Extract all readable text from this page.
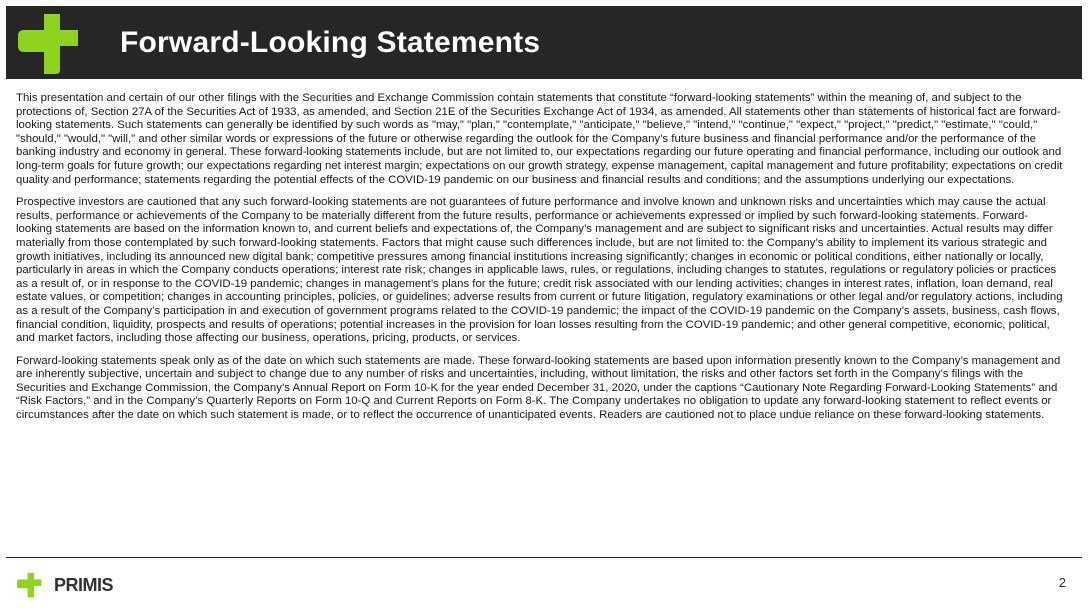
Forward-Looking Statements

This presentation and certain of our other filings with the Securities and Exchange Commission contain statements that constitute “forward-looking statements” within the meaning of, and subject to the protections of, Section 27A of the Securities Act of 1933, as amended, and Section 21E of the Securities Exchange Act of 1934, as amended. All statements other than statements of historical fact are forward-looking statements. Such statements can generally be identified by such words as "may," "plan," "contemplate," "anticipate," "believe," "intend," "continue," "expect," "project," "predict," "estimate," "could," "should," "would," "will," and other similar words or expressions of the future or otherwise regarding the outlook for the Company’s future business and financial performance and/or the performance of the banking industry and economy in general. These forward-looking statements include, but are not limited to, our expectations regarding our future operating and financial performance, including our outlook and long-term goals for future growth; our expectations regarding net interest margin; expectations on our growth strategy, expense management, capital management and future profitability; expectations on credit quality and performance; statements regarding the potential effects of the COVID-19 pandemic on our business and financial results and conditions; and the assumptions underlying our expectations.

Prospective investors are cautioned that any such forward-looking statements are not guarantees of future performance and involve known and unknown risks and uncertainties which may cause the actual results, performance or achievements of the Company to be materially different from the future results, performance or achievements expressed or implied by such forward-looking statements. Forward-looking statements are based on the information known to, and current beliefs and expectations of, the Company’s management and are subject to significant risks and uncertainties. Actual results may differ materially from those contemplated by such forward-looking statements. Factors that might cause such differences include, but are not limited to: the Company’s ability to implement its various strategic and growth initiatives, including its announced new digital bank; competitive pressures among financial institutions increasing significantly; changes in economic or political conditions, either nationally or locally, particularly in areas in which the Company conducts operations; interest rate risk; changes in applicable laws, rules, or regulations, including changes to statutes, regulations or regulatory policies or practices as a result of, or in response to the COVID-19 pandemic; changes in management’s plans for the future; credit risk associated with our lending activities; changes in interest rates, inflation, loan demand, real estate values, or competition; changes in accounting principles, policies, or guidelines; adverse results from current or future litigation, regulatory examinations or other legal and/or regulatory actions, including as a result of the Company’s participation in and execution of government programs related to the COVID-19 pandemic; the impact of the COVID-19 pandemic on the Company’s assets, business, cash flows, financial condition, liquidity, prospects and results of operations; potential increases in the provision for loan losses resulting from the COVID-19 pandemic; and other general competitive, economic, political, and market factors, including those affecting our business, operations, pricing, products, or services.

Forward-looking statements speak only as of the date on which such statements are made. These forward-looking statements are based upon information presently known to the Company’s management and are inherently subjective, uncertain and subject to change due to any number of risks and uncertainties, including, without limitation, the risks and other factors set forth in the Company’s filings with the Securities and Exchange Commission, the Company’s Annual Report on Form 10-K for the year ended December 31, 2020, under the captions “Cautionary Note Regarding Forward-Looking Statements” and “Risk Factors,” and in the Company’s Quarterly Reports on Form 10-Q and Current Reports on Form 8-K. The Company undertakes no obligation to update any forward-looking statement to reflect events or circumstances after the date on which such statement is made, or to reflect the occurrence of unanticipated events. Readers are cautioned not to place undue reliance on these forward-looking statements.

PRIMIS	2
